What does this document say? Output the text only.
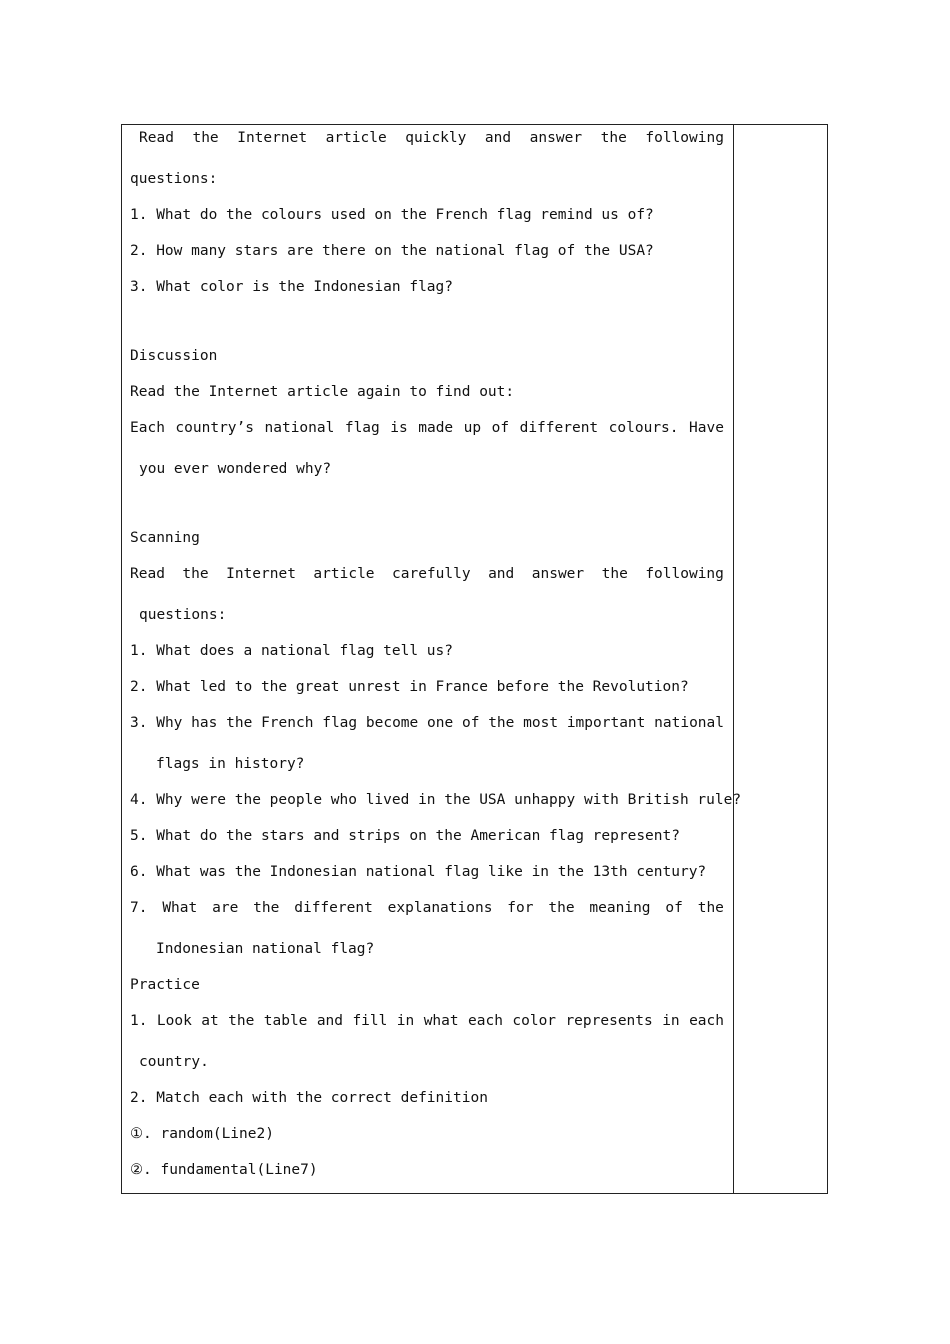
Read the Internet article quickly and answer the following
questions:
1. What do the colours used on the French flag remind us of?
2. How many stars are there on the national flag of the USA?
3. What color is the Indonesian flag?
Discussion
Read the Internet article again to find out:
Each country’s national flag is made up of different colours. Have
you ever wondered why?
Scanning
Read the Internet article carefully and answer the following
questions:
1. What does a national flag tell us?
2. What led to the great unrest in France before the Revolution?
3. Why has the French flag become one of the most important national
flags in history?
4. Why were the people who lived in the USA unhappy with British rule?
5. What do the stars and strips on the American flag represent?
6. What was the Indonesian national flag like in the 13th century?
7. What are the different explanations for the meaning of the
Indonesian national flag?
Practice
1. Look at the table and fill in what each color represents in each
country.
2. Match each with the correct definition
①. random(Line2)
②. fundamental(Line7)
